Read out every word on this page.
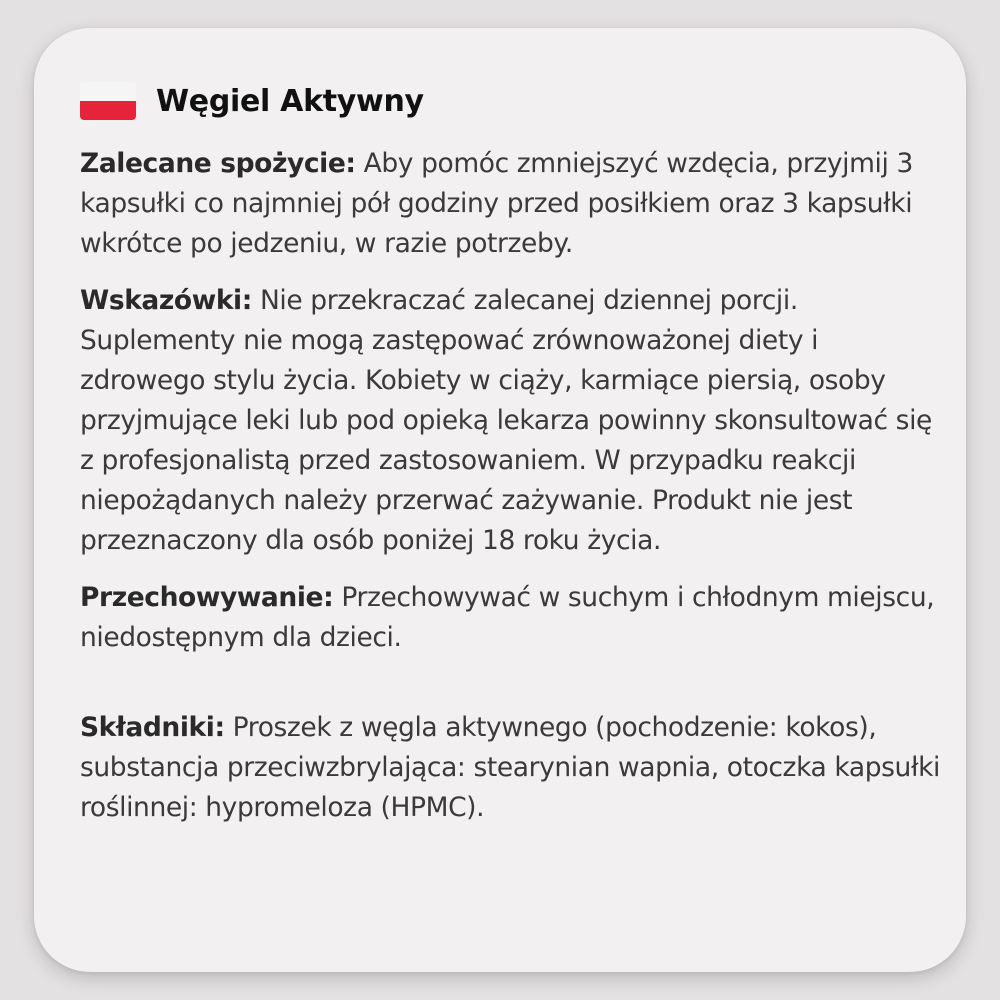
Węgiel Aktywny

Zalecane spożycie: Aby pomóc zmniejszyć wzdęcia, przyjmij 3 kapsułki co najmniej pół godziny przed posiłkiem oraz 3 kapsułki wkrótce po jedzeniu, w razie potrzeby.

Wskazówki: Nie przekraczać zalecanej dziennej porcji. Suplementy nie mogą zastępować zrównoważonej diety i zdrowego stylu życia. Kobiety w ciąży, karmiące piersią, osoby przyjmujące leki lub pod opieką lekarza powinny skonsultować się z profesjonalistą przed zastosowaniem. W przypadku reakcji niepożądanych należy przerwać zażywanie. Produkt nie jest przeznaczony dla osób poniżej 18 roku życia.

Przechowywanie: Przechowywać w suchym i chłodnym miejscu, niedostępnym dla dzieci.

Składniki: Proszek z węgla aktywnego (pochodzenie: kokos), substancja przeciwzbrylająca: stearynian wapnia, otoczka kapsułki roślinnej: hypromeloza (HPMC).
